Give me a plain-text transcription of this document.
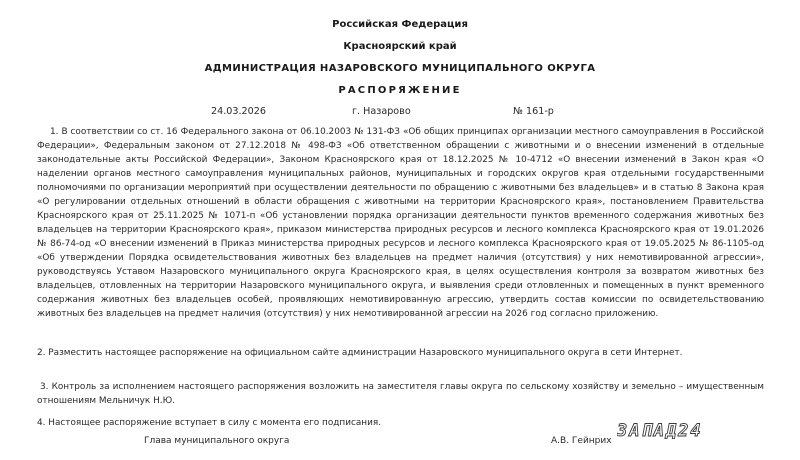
Российская Федерация
Красноярский край
АДМИНИСТРАЦИЯ НАЗАРОВСКОГО МУНИЦИПАЛЬНОГО ОКРУГА
РАСПОРЯЖЕНИЕ
24.03.2026	г. Назарово	№ 161-р
1. В соответствии со ст. 16 Федерального закона от 06.10.2003 № 131-ФЗ «Об общих принципах организации местного самоуправления в Российской Федерации», Федеральным законом от 27.12.2018 № 498-ФЗ «Об ответственном обращении с животными и о внесении изменений в отдельные законодательные акты Российской Федерации», Законом Красноярского края от 18.12.2025 № 10-4712 «О внесении изменений в Закон края «О наделении органов местного самоуправления муниципальных районов, муниципальных и городских округов края отдельными государственными полномочиями по организации мероприятий при осуществлении деятельности по обращению с животными без владельцев» и в статью 8 Закона края «О регулировании отдельных отношений в области обращения с животными на территории Красноярского края», постановлением Правительства Красноярского края от 25.11.2025 № 1071-п «Об установлении порядка организации деятельности пунктов временного содержания животных без владельцев на территории Красноярского края», приказом министерства природных ресурсов и лесного комплекса Красноярского края от 19.01.2026 № 86-74-од «О внесении изменений в Приказ министерства природных ресурсов и лесного комплекса Красноярского края от 19.05.2025 № 86-1105-од «Об утверждении Порядка освидетельствования животных без владельцев на предмет наличия (отсутствия) у них немотивированной агрессии», руководствуясь Уставом Назаровского муниципального округа Красноярского края, в целях осуществления контроля за возвратом животных без владельцев, отловленных на территории Назаровского муниципального округа, и выявления среди отловленных и помещенных в пункт временного содержания животных без владельцев особей, проявляющих немотивированную агрессию, утвердить состав комиссии по освидетельствованию животных без владельцев на предмет наличия (отсутствия) у них немотивированной агрессии на 2026 год согласно приложению.
2. Разместить настоящее распоряжение на официальном сайте администрации Назаровского муниципального округа в сети Интернет.
3. Контроль за исполнением настоящего распоряжения возложить на заместителя главы округа по сельскому хозяйству и земельно – имущественным отношениям Мельничук Н.Ю.
4. Настоящее распоряжение вступает в силу с момента его подписания.
Глава муниципального округа	А.В. Гейнрих ЗАПАД24
